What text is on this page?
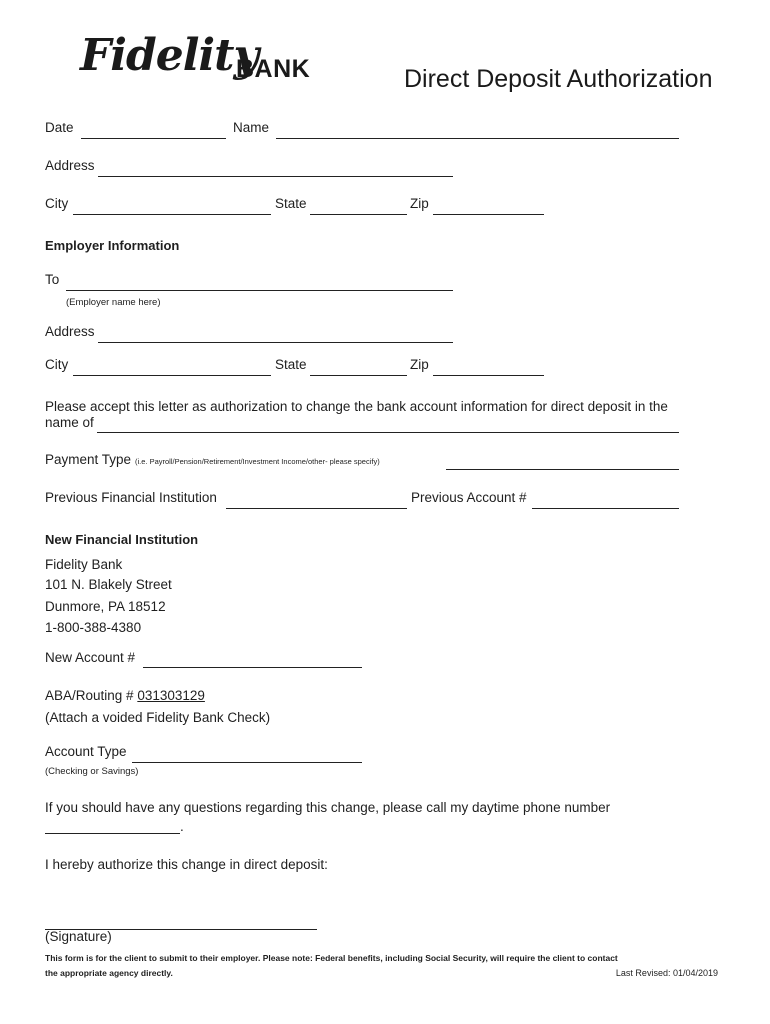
Fidelity
BANK	Direct Deposit Authorization
Date	Name
Address
City	State	Zip
Employer Information
To
(Employer name here)
Address
City	State	Zip
Please accept this letter as authorization to change the bank account information for direct deposit in the
name of
Payment Type (i.e. Payroll/Pension/Retirement/Investment Income/other- please specify)
Previous Financial Institution	Previous Account #
New Financial Institution
Fidelity Bank
101 N. Blakely Street
Dunmore, PA 18512
1-800-388-4380
New Account #
ABA/Routing # 031303129
(Attach a voided Fidelity Bank Check)
Account Type
(Checking or Savings)
If you should have any questions regarding this change, please call my daytime phone number
.
I hereby authorize this change in direct deposit:
(Signature)
This form is for the client to submit to their employer. Please note: Federal benefits, including Social Security, will require the client to contact
the appropriate agency directly.	Last Revised: 01/04/2019
